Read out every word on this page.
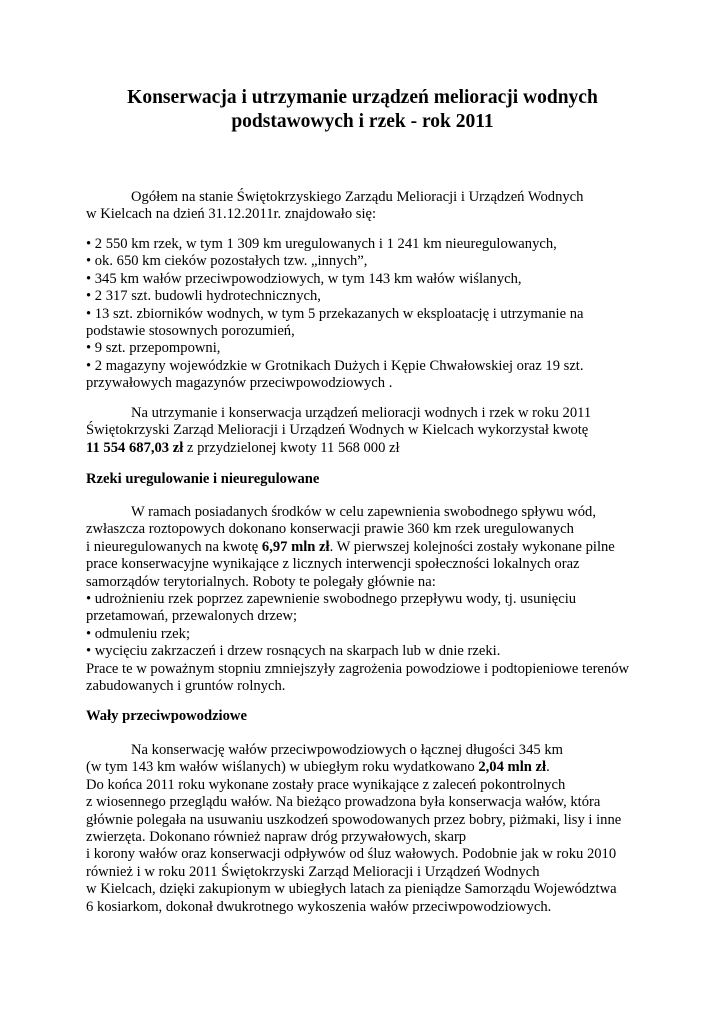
Konserwacja i utrzymanie urządzeń melioracji wodnych
podstawowych i rzek - rok 2011
Ogółem na stanie Świętokrzyskiego Zarządu Melioracji i Urządzeń Wodnych
w Kielcach na dzień 31.12.2011r. znajdowało się:
• 2 550 km rzek, w tym 1 309 km uregulowanych i 1 241 km nieuregulowanych,
• ok. 650 km cieków pozostałych tzw. „innych”,
• 345 km wałów przeciwpowodziowych, w tym 143 km wałów wiślanych,
• 2 317 szt. budowli hydrotechnicznych,
• 13 szt. zbiorników wodnych, w tym 5 przekazanych w eksploatację i utrzymanie na
podstawie stosownych porozumień,
• 9 szt. przepompowni,
• 2 magazyny wojewódzkie w Grotnikach Dużych i Kępie Chwałowskiej oraz 19 szt.
przywałowych magazynów przeciwpowodziowych .
Na utrzymanie i konserwacja urządzeń melioracji wodnych i rzek w roku 2011
Świętokrzyski Zarząd Melioracji i Urządzeń Wodnych w Kielcach wykorzystał kwotę
11 554 687,03 zł z przydzielonej kwoty 11 568 000 zł
Rzeki uregulowanie i nieuregulowane
W ramach posiadanych środków w celu zapewnienia swobodnego spływu wód,
zwłaszcza roztopowych dokonano konserwacji prawie 360 km rzek uregulowanych
i nieuregulowanych na kwotę 6,97 mln zł. W pierwszej kolejności zostały wykonane pilne
prace konserwacyjne wynikające z licznych interwencji społeczności lokalnych oraz
samorządów terytorialnych. Roboty te polegały głównie na:
• udrożnieniu rzek poprzez zapewnienie swobodnego przepływu wody, tj. usunięciu
przetamowań, przewalonych drzew;
• odmuleniu rzek;
• wycięciu zakrzaczeń i drzew rosnących na skarpach lub w dnie rzeki.
Prace te w poważnym stopniu zmniejszyły zagrożenia powodziowe i podtopieniowe terenów
zabudowanych i gruntów rolnych.
Wały przeciwpowodziowe
Na konserwację wałów przeciwpowodziowych o łącznej długości 345 km
(w tym 143 km wałów wiślanych) w ubiegłym roku wydatkowano 2,04 mln zł.
Do końca 2011 roku wykonane zostały prace wynikające z zaleceń pokontrolnych
z wiosennego przeglądu wałów. Na bieżąco prowadzona była konserwacja wałów, która
głównie polegała na usuwaniu uszkodzeń spowodowanych przez bobry, piżmaki, lisy i inne
zwierzęta. Dokonano również napraw dróg przywałowych, skarp
i korony wałów oraz konserwacji odpływów od śluz wałowych. Podobnie jak w roku 2010
również i w roku 2011 Świętokrzyski Zarząd Melioracji i Urządzeń Wodnych
w Kielcach, dzięki zakupionym w ubiegłych latach za pieniądze Samorządu Województwa
6 kosiarkom, dokonał dwukrotnego wykoszenia wałów przeciwpowodziowych.
